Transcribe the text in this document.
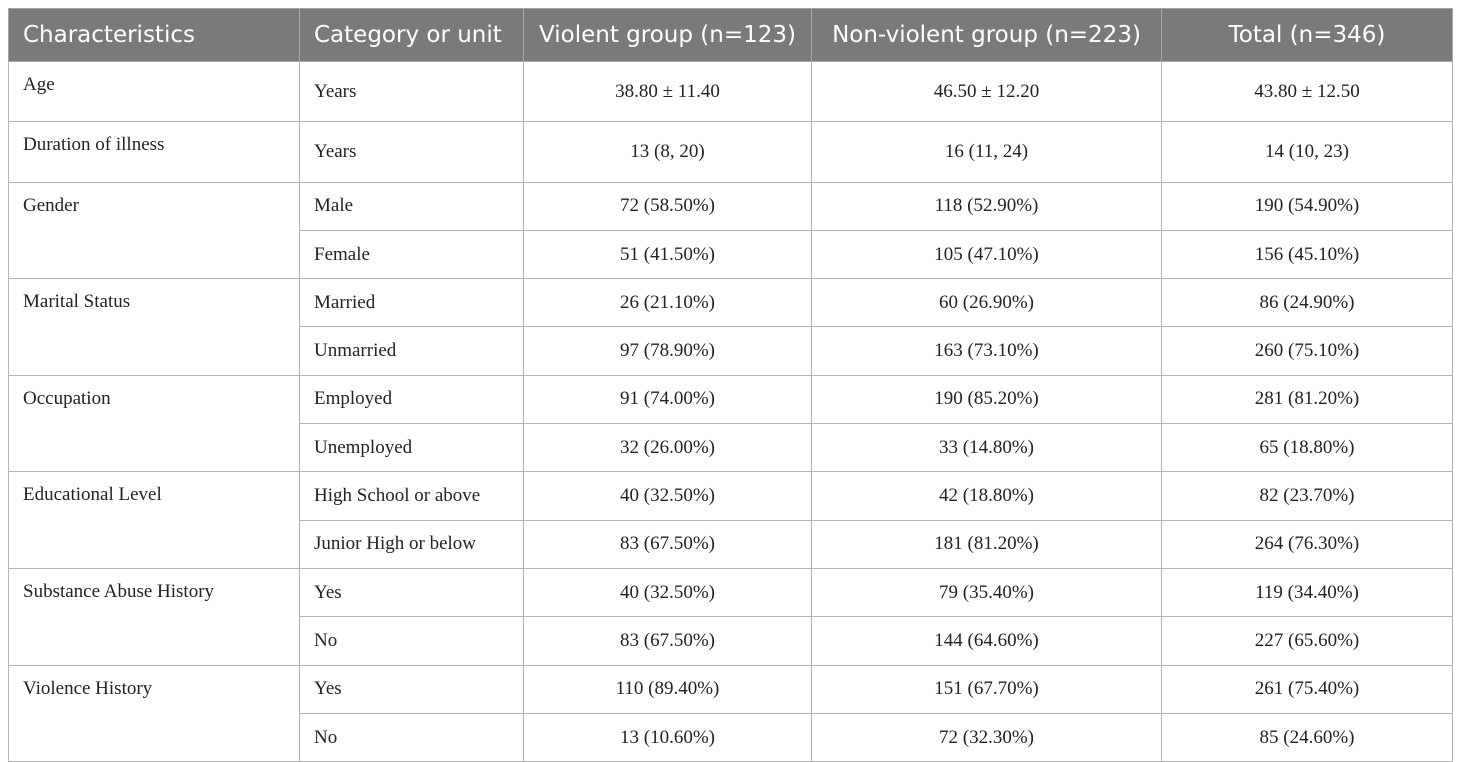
Characteristics	Category or unit	Violent group (n=123)	Non-violent group (n=223)	Total (n=346)
Age	Years	38.80 ± 11.40	46.50 ± 12.20	43.80 ± 12.50
Duration of illness	Years	13 (8, 20)	16 (11, 24)	14 (10, 23)
Gender	Male	72 (58.50%)	118 (52.90%)	190 (54.90%)
	Female	51 (41.50%)	105 (47.10%)	156 (45.10%)
Marital Status	Married	26 (21.10%)	60 (26.90%)	86 (24.90%)
	Unmarried	97 (78.90%)	163 (73.10%)	260 (75.10%)
Occupation	Employed	91 (74.00%)	190 (85.20%)	281 (81.20%)
	Unemployed	32 (26.00%)	33 (14.80%)	65 (18.80%)
Educational Level	High School or above	40 (32.50%)	42 (18.80%)	82 (23.70%)
	Junior High or below	83 (67.50%)	181 (81.20%)	264 (76.30%)
Substance Abuse History	Yes	40 (32.50%)	79 (35.40%)	119 (34.40%)
	No	83 (67.50%)	144 (64.60%)	227 (65.60%)
Violence History	Yes	110 (89.40%)	151 (67.70%)	261 (75.40%)
	No	13 (10.60%)	72 (32.30%)	85 (24.60%)
